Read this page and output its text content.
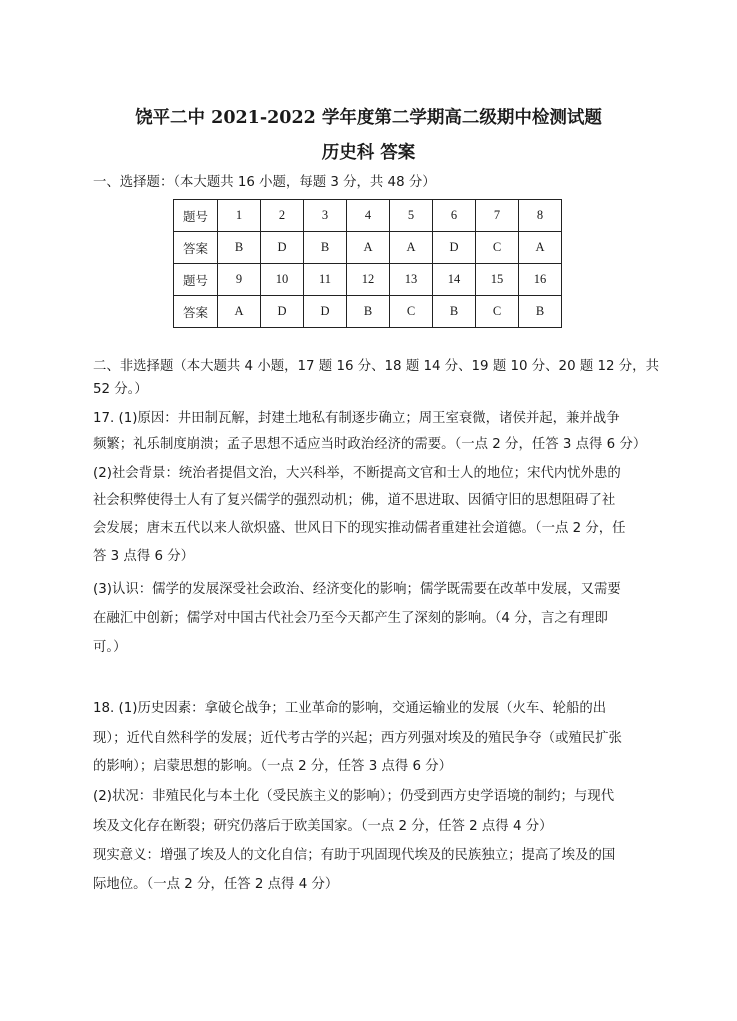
饶平二中 2021-2022 学年度第二学期高二级期中检测试题
历史科 答案
一、选择题：（本大题共 16 小题，每题 3 分，共 48 分）
题号	1	2	3	4	5	6	7	8
答案	B	D	B	A	A	D	C	A
题号	9	10	11	12	13	14	15	16
答案	A	D	D	B	C	B	C	B
二、非选择题（本大题共 4 小题，17 题 16 分、18 题 14 分、19 题 10 分、20 题 12 分，共
52 分。）
17. (1)原因：井田制瓦解，封建土地私有制逐步确立；周王室衰微，诸侯并起，兼并战争
频繁；礼乐制度崩溃；孟子思想不适应当时政治经济的需要。（一点 2 分，任答 3 点得 6 分）
(2)社会背景：统治者提倡文治，大兴科举，不断提高文官和士人的地位；宋代内忧外患的
社会积弊使得士人有了复兴儒学的强烈动机；佛，道不思进取、因循守旧的思想阻碍了社
会发展；唐末五代以来人欲炽盛、世风日下的现实推动儒者重建社会道德。（一点 2 分，任
答 3 点得 6 分）
(3)认识：儒学的发展深受社会政治、经济变化的影响；儒学既需要在改革中发展，又需要
在融汇中创新；儒学对中国古代社会乃至今天都产生了深刻的影响。（4 分，言之有理即
可。）
18. (1)历史因素：拿破仑战争；工业革命的影响，交通运输业的发展（火车、轮船的出
现）；近代自然科学的发展；近代考古学的兴起；西方列强对埃及的殖民争夺（或殖民扩张
的影响）；启蒙思想的影响。（一点 2 分，任答 3 点得 6 分）
(2)状况：非殖民化与本土化（受民族主义的影响）；仍受到西方史学语境的制约；与现代
埃及文化存在断裂；研究仍落后于欧美国家。（一点 2 分，任答 2 点得 4 分）
现实意义：增强了埃及人的文化自信；有助于巩固现代埃及的民族独立；提高了埃及的国
际地位。（一点 2 分，任答 2 点得 4 分）
